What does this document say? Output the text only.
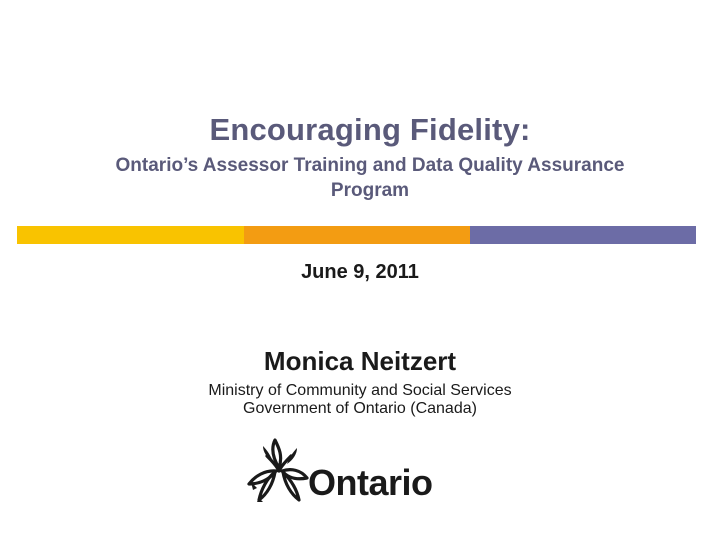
Encouraging Fidelity:
Ontario’s Assessor Training and Data Quality Assurance
Program
June 9, 2011
Monica Neitzert
Ministry of Community and Social Services
Government of Ontario (Canada)
Ontario
